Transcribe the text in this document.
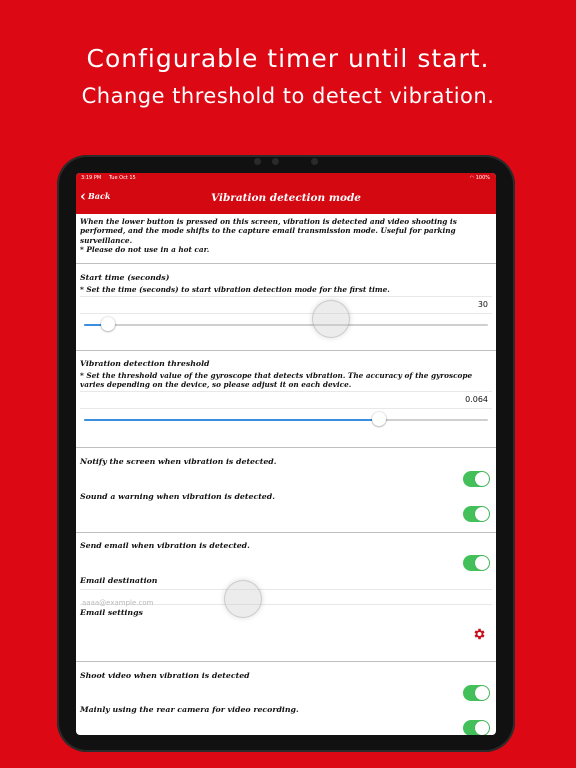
Configurable timer until start.
Change threshold to detect vibration.
3:19 PM Tue Oct 15	◠ 100%
‹ Back	Vibration detection mode
When the lower button is pressed on this screen, vibration is detected and video shooting is performed, and the mode shifts to the capture email transmission mode. Useful for parking surveillance.
* Please do not use in a hot car.
Start time (seconds)
* Set the time (seconds) to start vibration detection mode for the first time.
30
Vibration detection threshold
* Set the threshold value of the gyroscope that detects vibration. The accuracy of the gyroscope varies depending on the device, so please adjust it on each device.
0.064
Notify the screen when vibration is detected.
Sound a warning when vibration is detected.
Send email when vibration is detected.
Email destination
aaaa@example.com
Email settings
Shoot video when vibration is detected
Mainly using the rear camera for video recording.
